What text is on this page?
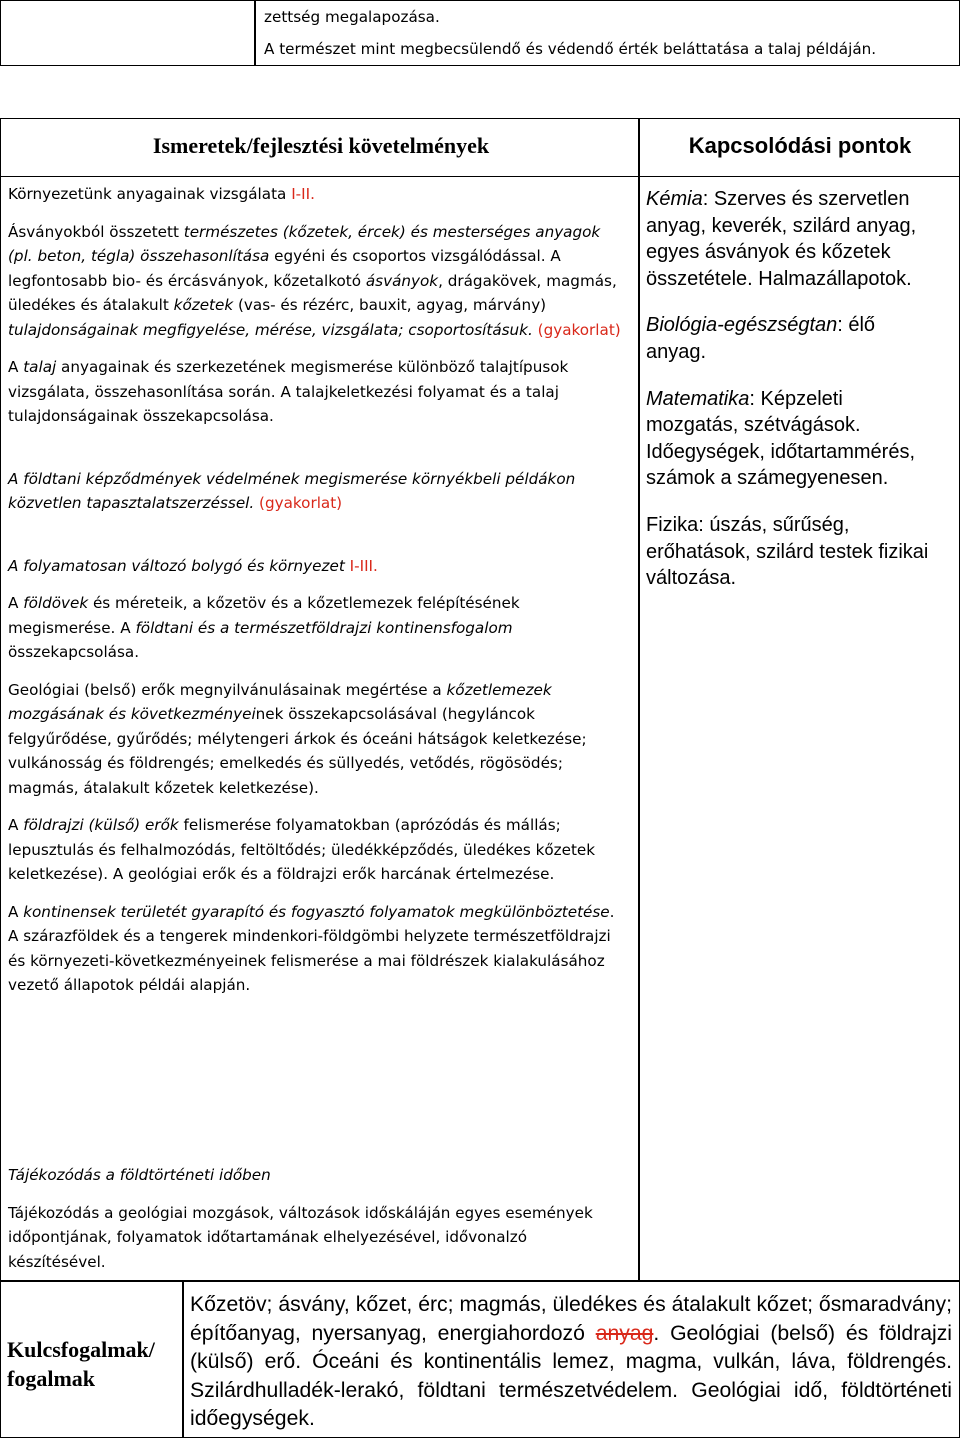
zettség megalapozása.
A természet mint megbecsülendő és védendő érték beláttatása a talaj példáján.
Ismeretek/fejlesztési követelmények	Kapcsolódási pontok

Környezetünk anyagainak vizsgálata I-II.

Ásványokból összetett természetes (kőzetek, ércek) és mesterséges anyagok (pl. beton, tégla) összehasonlítása egyéni és csoportos vizsgálódással. A legfontosabb bio- és ércásványok, kőzetalkotó ásványok, drágakövek, magmás, üledékes és átalakult kőzetek (vas- és rézérc, bauxit, agyag, márvány) tulajdonságainak megfigyelése, mérése, vizsgálata; csoportosításuk. (gyakorlat)

A talaj anyagainak és szerkezetének megismerése különböző talajtípusok vizsgálata, összehasonlítása során. A talajkeletkezési folyamat és a talaj tulajdonságainak összekapcsolása.

A földtani képződmények védelmének megismerése környékbeli példákon közvetlen tapasztalatszerzéssel. (gyakorlat)

A folyamatosan változó bolygó és környezet I-III.

A földövek és méreteik, a kőzetöv és a kőzetlemezek felépítésének megismerése. A földtani és a természetföldrajzi kontinensfogalom összekapcsolása.

Geológiai (belső) erők megnyilvánulásainak megértése a kőzetlemezek mozgásának és következményeinek összekapcsolásával (hegyláncok felgyűrődése, gyűrődés; mélytengeri árkok és óceáni hátságok keletkezése; vulkánosság és földrengés; emelkedés és süllyedés, vetődés, rögösödés; magmás, átalakult kőzetek keletkezése).

A földrajzi (külső) erők felismerése folyamatokban (aprózódás és mállás; lepusztulás és felhalmozódás, feltöltődés; üledékképződés, üledékes kőzetek keletkezése). A geológiai erők és a földrajzi erők harcának értelmezése.

A kontinensek területét gyarapító és fogyasztó folyamatok megkülönböztetése. A szárazföldek és a tengerek mindenkori-földgömbi helyzete természetföldrajzi és környezeti-következményeinek felismerése a mai földrészek kialakulásához vezető állapotok példái alapján.

Kémia: Szerves és szervetlen anyag, keverék, szilárd anyag, egyes ásványok és kőzetek összetétele. Halmazállapotok.

Biológia-egészségtan: élő anyag.

Matematika: Képzeleti mozgatás, szétvágások. Időegységek, időtartammérés, számok a számegyenesen.

Fizika: úszás, sűrűség, erőhatások, szilárd testek fizikai változása.

Tájékozódás a földtörténeti időben

Tájékozódás a geológiai mozgások, változások időskáláján egyes események időpontjának, folyamatok időtartamának elhelyezésével, idővonalzó készítésével.

Kulcsfogalmak/ fogalmak
Kőzetöv; ásvány, kőzet, érc; magmás, üledékes és átalakult kőzet; ősmaradvány; építőanyag, nyersanyag, energiahordozó anyag. Geológiai (belső) és földrajzi (külső) erő. Óceáni és kontinentális lemez, magma, vulkán, láva, földrengés. Szilárdhulladék-lerakó, földtani természetvédelem. Geológiai idő, földtörténeti időegységek.
